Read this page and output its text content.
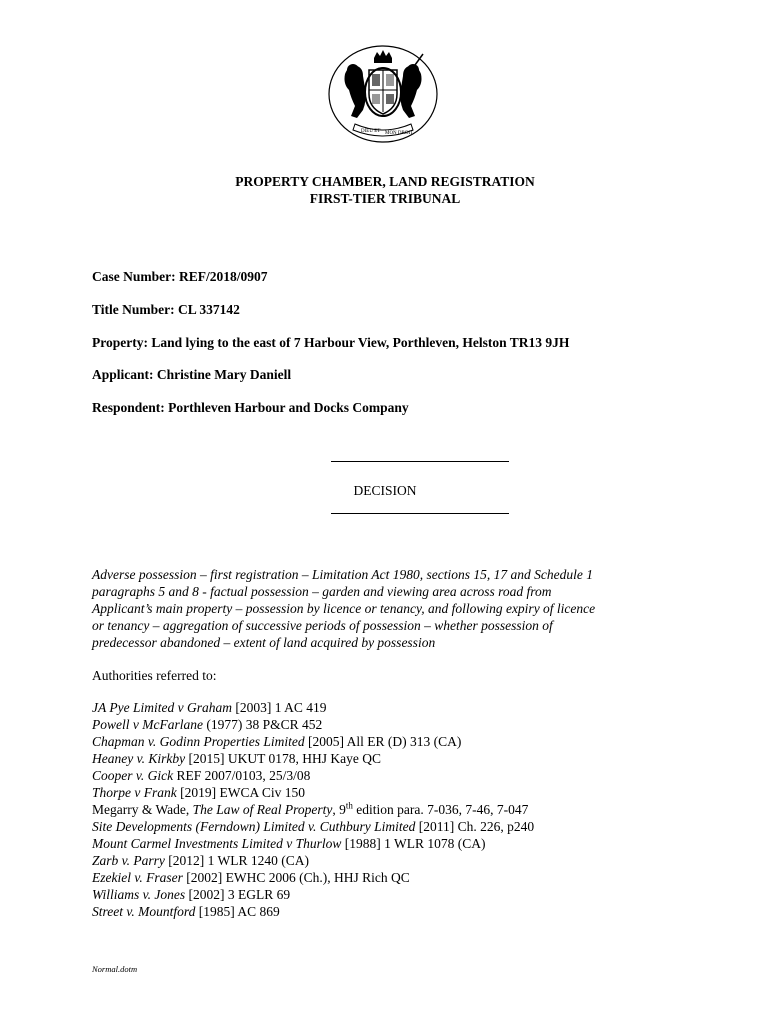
DIEU ET MON DROIT
PROPERTY CHAMBER, LAND REGISTRATION
FIRST-TIER TRIBUNAL
Case Number: REF/2018/0907
Title Number: CL 337142
Property: Land lying to the east of 7 Harbour View, Porthleven, Helston TR13 9JH
Applicant: Christine Mary Daniell
Respondent: Porthleven Harbour and Docks Company
DECISION
Adverse possession – first registration – Limitation Act 1980, sections 15, 17 and Schedule 1
paragraphs 5 and 8 - factual possession – garden and viewing area across road from
Applicant’s main property – possession by licence or tenancy, and following expiry of licence
or tenancy – aggregation of successive periods of possession – whether possession of
predecessor abandoned – extent of land acquired by possession
Authorities referred to:
JA Pye Limited v Graham [2003] 1 AC 419
Powell v McFarlane (1977) 38 P&CR 452
Chapman v. Godinn Properties Limited [2005] All ER (D) 313 (CA)
Heaney v. Kirkby [2015] UKUT 0178, HHJ Kaye QC
Cooper v. Gick REF 2007/0103, 25/3/08
Thorpe v Frank [2019] EWCA Civ 150
Megarry & Wade, The Law of Real Property, 9th edition para. 7-036, 7-46, 7-047
Site Developments (Ferndown) Limited v. Cuthbury Limited [2011] Ch. 226, p240
Mount Carmel Investments Limited v Thurlow [1988] 1 WLR 1078 (CA)
Zarb v. Parry [2012] 1 WLR 1240 (CA)
Ezekiel v. Fraser [2002] EWHC 2006 (Ch.), HHJ Rich QC
Williams v. Jones [2002] 3 EGLR 69
Street v. Mountford [1985] AC 869
Normal.dotm
